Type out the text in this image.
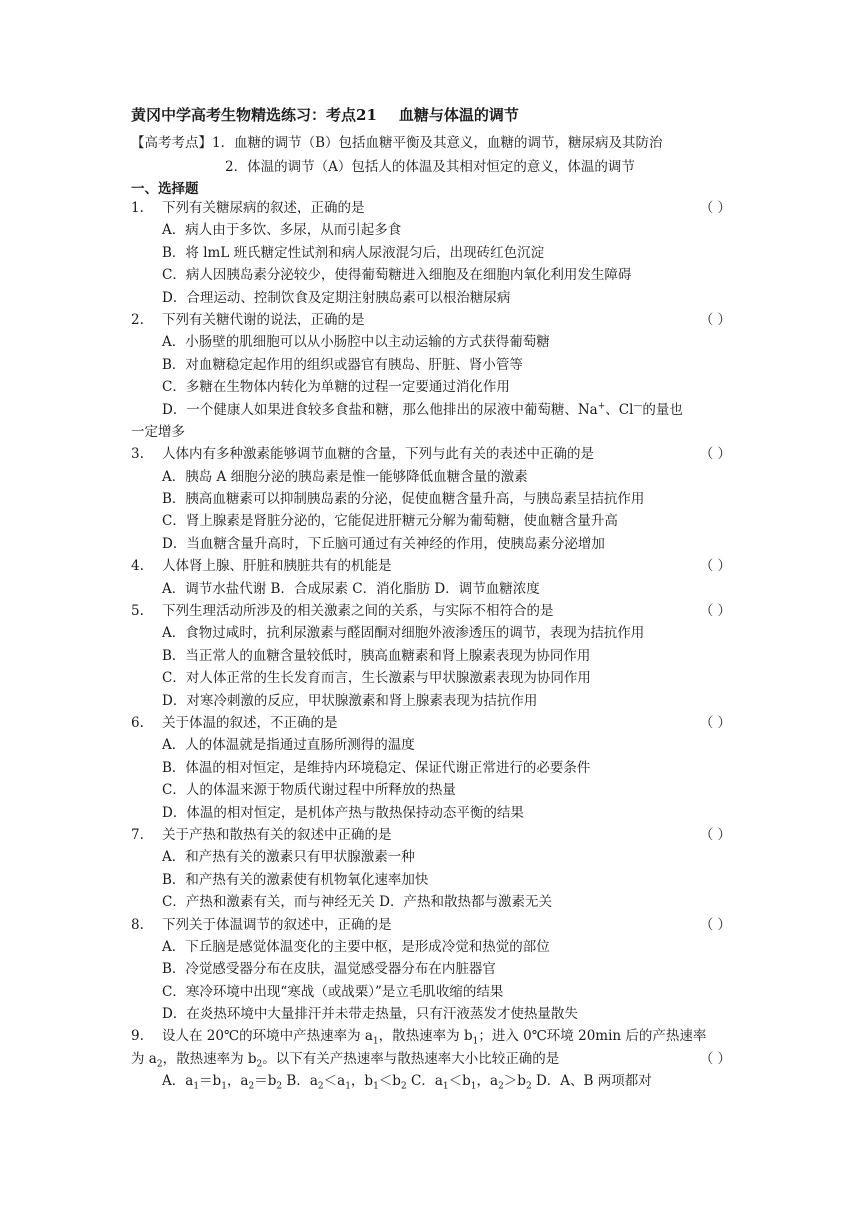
黄冈中学高考生物精选练习：考点21 血糖与体温的调节
【高考考点】1．血糖的调节（B）包括血糖平衡及其意义，血糖的调节，糖尿病及其防治
2．体温的调节（A）包括人的体温及其相对恒定的意义，体温的调节
一、选择题
1. 下列有关糖尿病的叙述，正确的是	（ ）
A．病人由于多饮、多尿，从而引起多食
B．将 lmL 班氏糖定性试剂和病人尿液混匀后，出现砖红色沉淀
C．病人因胰岛素分泌较少，使得葡萄糖进入细胞及在细胞内氧化利用发生障碍
D．合理运动、控制饮食及定期注射胰岛素可以根治糖尿病
2. 下列有关糖代谢的说法，正确的是	（ ）
A．小肠壁的肌细胞可以从小肠腔中以主动运输的方式获得葡萄糖
B．对血糖稳定起作用的组织或器官有胰岛、肝脏、肾小管等
C．多糖在生物体内转化为单糖的过程一定要通过消化作用
D．一个健康人如果进食较多食盐和糖，那么他排出的尿液中葡萄糖、Na+、Cl—的量也
一定增多
3. 人体内有多种激素能够调节血糖的含量，下列与此有关的表述中正确的是	（ ）
A．胰岛 A 细胞分泌的胰岛素是惟一能够降低血糖含量的激素
B．胰高血糖素可以抑制胰岛素的分泌，促使血糖含量升高，与胰岛素呈拮抗作用
C．肾上腺素是肾脏分泌的，它能促进肝糖元分解为葡萄糖，使血糖含量升高
D．当血糖含量升高时，下丘脑可通过有关神经的作用，使胰岛素分泌增加
4. 人体肾上腺、肝脏和胰脏共有的机能是	（ ）
A．调节水盐代谢 B．合成尿素 C．消化脂肪 D．调节血糖浓度
5. 下列生理活动所涉及的相关激素之间的关系，与实际不相符合的是	（ ）
A．食物过咸时，抗利尿激素与醛固酮对细胞外液渗透压的调节，表现为拮抗作用
B．当正常人的血糖含量较低时，胰高血糖素和肾上腺素表现为协同作用
C．对人体正常的生长发育而言，生长激素与甲状腺激素表现为协同作用
D．对寒冷刺激的反应，甲状腺激素和肾上腺素表现为拮抗作用
6. 关于体温的叙述，不正确的是	（ ）
A．人的体温就是指通过直肠所测得的温度
B．体温的相对恒定，是维持内环境稳定、保证代谢正常进行的必要条件
C．人的体温来源于物质代谢过程中所释放的热量
D．体温的相对恒定，是机体产热与散热保持动态平衡的结果
7. 关于产热和散热有关的叙述中正确的是	（ ）
A．和产热有关的激素只有甲状腺激素一种
B．和产热有关的激素使有机物氧化速率加快
C．产热和激素有关，而与神经无关 D．产热和散热都与激素无关
8. 下列关于体温调节的叙述中，正确的是	（ ）
A．下丘脑是感觉体温变化的主要中枢，是形成冷觉和热觉的部位
B．冷觉感受器分布在皮肤，温觉感受器分布在内脏器官
C．寒冷环境中出现“寒战（或战栗）”是立毛肌收缩的结果
D．在炎热环境中大量排汗并未带走热量，只有汗液蒸发才使热量散失
9. 设人在 20℃的环境中产热速率为 $a_1$，散热速率为 $b_1$；进入 0℃环境 20min 后的产热速率
为 $a_2$，散热速率为 $b_2$。以下有关产热速率与散热速率大小比较正确的是	（ ）
A．$a_1=b_1$，$a_2=b_2$ B．$a_2<a_1$，$b_1<b_2$ C．$a_1<b_1$，$a_2>b_2$ D．A、B 两项都对
